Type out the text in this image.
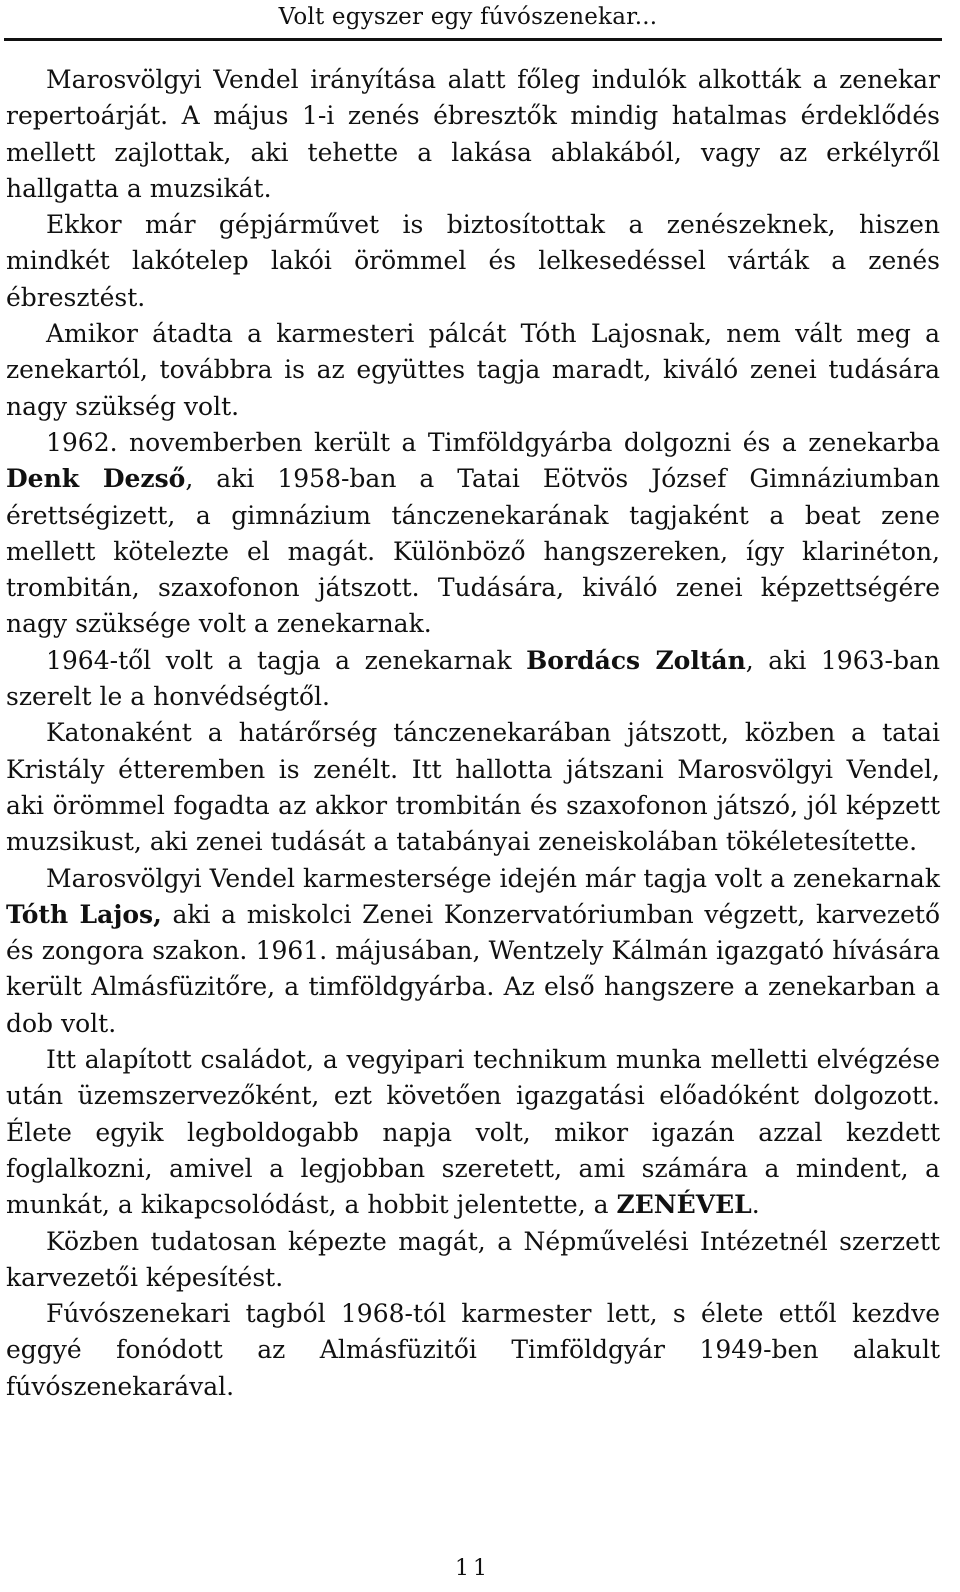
Volt egyszer egy fúvószenekar...

Marosvölgyi Vendel irányítása alatt főleg indulók alkották a zenekar repertoárját. A május 1-i zenés ébresztők mindig hatalmas érdeklődés mellett zajlottak, aki tehette a lakása ablakából, vagy az erkélyről hallgatta a muzsikát.

Ekkor már gépjárművet is biztosítottak a zenészeknek, hiszen mindkét lakótelep lakói örömmel és lelkesedéssel várták a zenés ébresztést.

Amikor átadta a karmesteri pálcát Tóth Lajosnak, nem vált meg a zenekartól, továbbra is az együttes tagja maradt, kiváló zenei tudására nagy szükség volt.

1962. novemberben került a Timföldgyárba dolgozni és a zenekarba Denk Dezső, aki 1958-ban a Tatai Eötvös József Gimnáziumban érettségizett, a gimnázium tánczenekarának tagjaként a beat zene mellett kötelezte el magát. Különböző hangszereken, így klarinéton, trombitán, szaxofonon játszott. Tudására, kiváló zenei képzettségére nagy szüksége volt a zenekarnak.

1964-től volt a tagja a zenekarnak Bordács Zoltán, aki 1963-ban szerelt le a honvédségtől.

Katonaként a határőrség tánczenekarában játszott, közben a tatai Kristály étteremben is zenélt. Itt hallotta játszani Marosvölgyi Vendel, aki örömmel fogadta az akkor trombitán és szaxofonon játszó, jól képzett muzsikust, aki zenei tudását a tatabányai zeneiskolában tökéletesítette.

Marosvölgyi Vendel karmestersége idején már tagja volt a zenekarnak Tóth Lajos, aki a miskolci Zenei Konzervatóriumban végzett, karvezető és zongora szakon. 1961. májusában, Wentzely Kálmán igazgató hívására került Almásfüzitőre, a timföldgyárba. Az első hangszere a zenekarban a dob volt.

Itt alapított családot, a vegyipari technikum munka melletti elvégzése után üzemszervezőként, ezt követően igazgatási előadóként dolgozott. Élete egyik legboldogabb napja volt, mikor igazán azzal kezdett foglalkozni, amivel a legjobban szeretett, ami számára a mindent, a munkát, a kikapcsolódást, a hobbit jelentette, a ZENÉVEL.

Közben tudatosan képezte magát, a Népművelési Intézetnél szerzett karvezetői képesítést.

Fúvószenekari tagból 1968-tól karmester lett, s élete ettől kezdve eggyé fonódott az Almásfüzitői Timföldgyár 1949-ben alakult fúvószenekarával.

11
